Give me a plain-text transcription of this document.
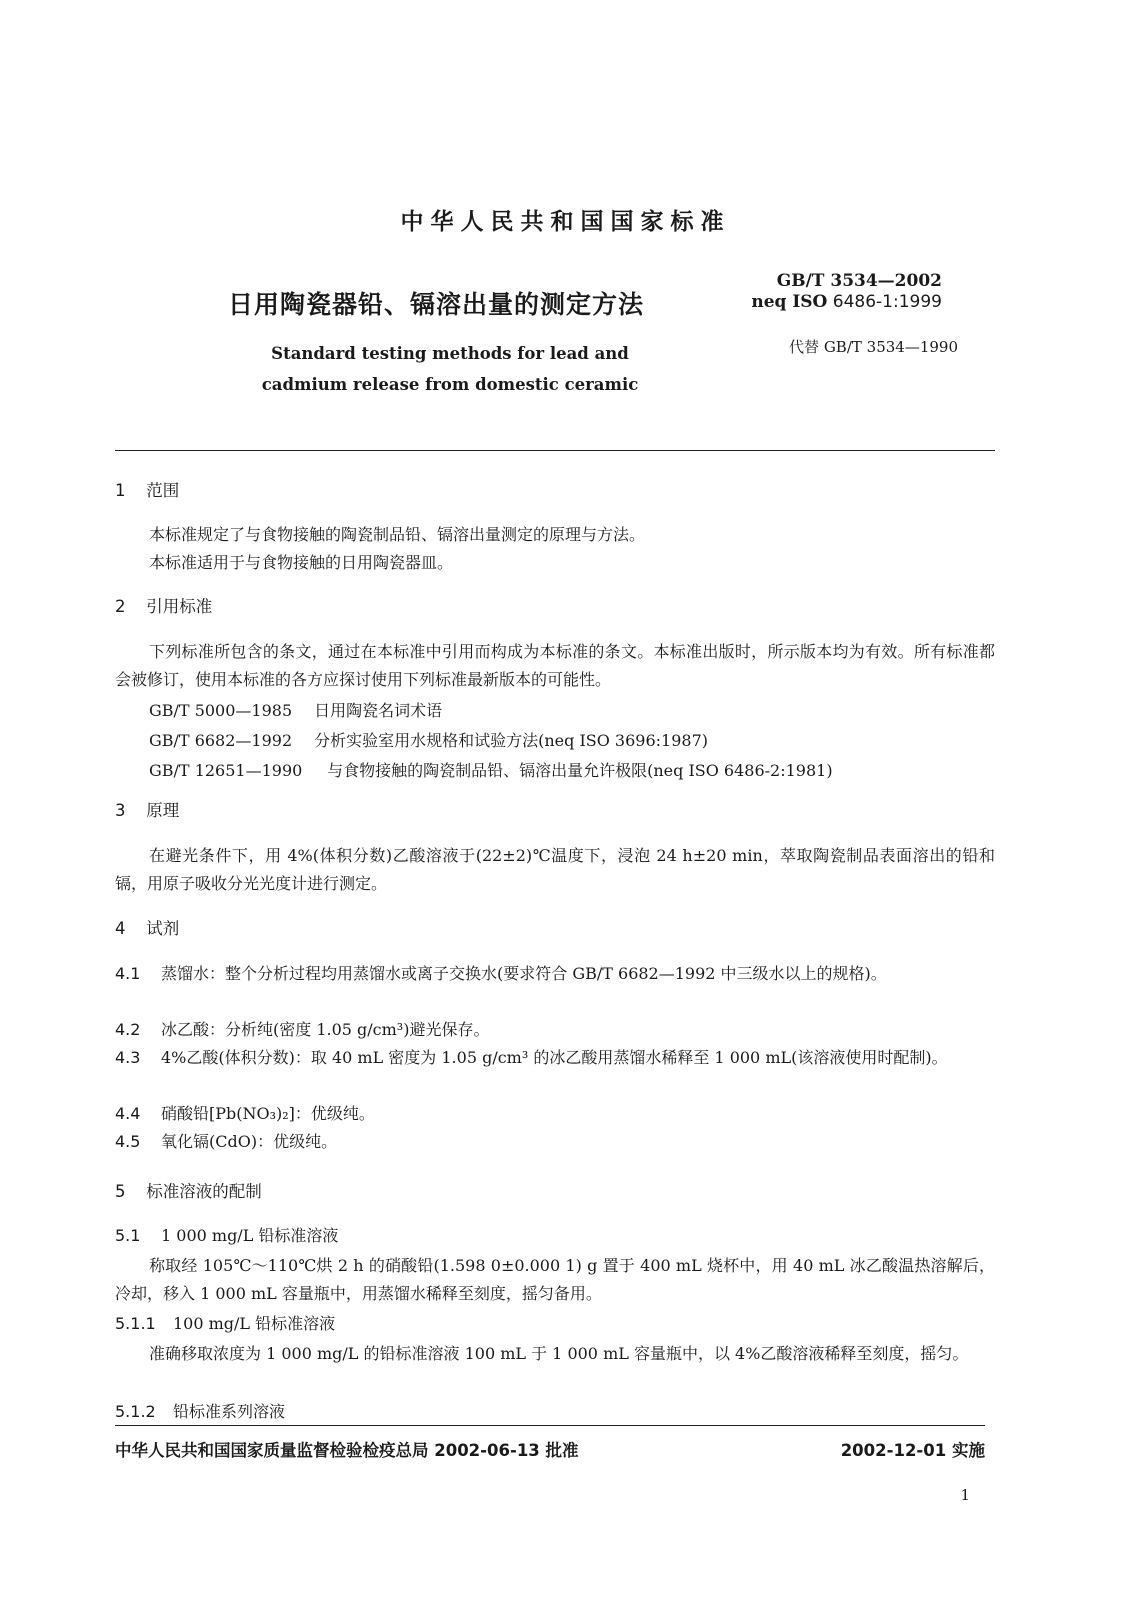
中华人民共和国国家标准
日用陶瓷器铅、镉溶出量的测定方法
GB/T 3534—2002
neq ISO 6486-1:1999
代替 GB/T 3534—1990
Standard testing methods for lead and
cadmium release from domestic ceramic
1 范围
本标准规定了与食物接触的陶瓷制品铅、镉溶出量测定的原理与方法。
本标准适用于与食物接触的日用陶瓷器皿。
2 引用标准
下列标准所包含的条文，通过在本标准中引用而构成为本标准的条文。本标准出版时，所示版本均为有效。所有标准都会被修订，使用本标准的各方应探讨使用下列标准最新版本的可能性。
GB/T 5000—1985 日用陶瓷名词术语
GB/T 6682—1992 分析实验室用水规格和试验方法(neq ISO 3696:1987)
GB/T 12651—1990 与食物接触的陶瓷制品铅、镉溶出量允许极限(neq ISO 6486-2:1981)
3 原理
在避光条件下，用 4%(体积分数)乙酸溶液于(22±2)℃温度下，浸泡 24 h±20 min，萃取陶瓷制品表面溶出的铅和镉，用原子吸收分光光度计进行测定。
4 试剂
4.1 蒸馏水：整个分析过程均用蒸馏水或离子交换水(要求符合 GB/T 6682—1992 中三级水以上的规格)。
4.2 冰乙酸：分析纯(密度 1.05 g/cm³)避光保存。
4.3 4%乙酸(体积分数)：取 40 mL 密度为 1.05 g/cm³ 的冰乙酸用蒸馏水稀释至 1 000 mL(该溶液使用时配制)。
4.4 硝酸铅[Pb(NO₃)₂]：优级纯。
4.5 氧化镉(CdO)：优级纯。
5 标准溶液的配制
5.1 1 000 mg/L 铅标准溶液
称取经 105℃～110℃烘 2 h 的硝酸铅(1.598 0±0.000 1) g 置于 400 mL 烧杯中，用 40 mL 冰乙酸温热溶解后，冷却，移入 1 000 mL 容量瓶中，用蒸馏水稀释至刻度，摇匀备用。
5.1.1 100 mg/L 铅标准溶液
准确移取浓度为 1 000 mg/L 的铅标准溶液 100 mL 于 1 000 mL 容量瓶中，以 4%乙酸溶液稀释至刻度，摇匀。
5.1.2 铅标准系列溶液
中华人民共和国国家质量监督检验检疫总局 2002-06-13 批准	2002-12-01 实施
1
